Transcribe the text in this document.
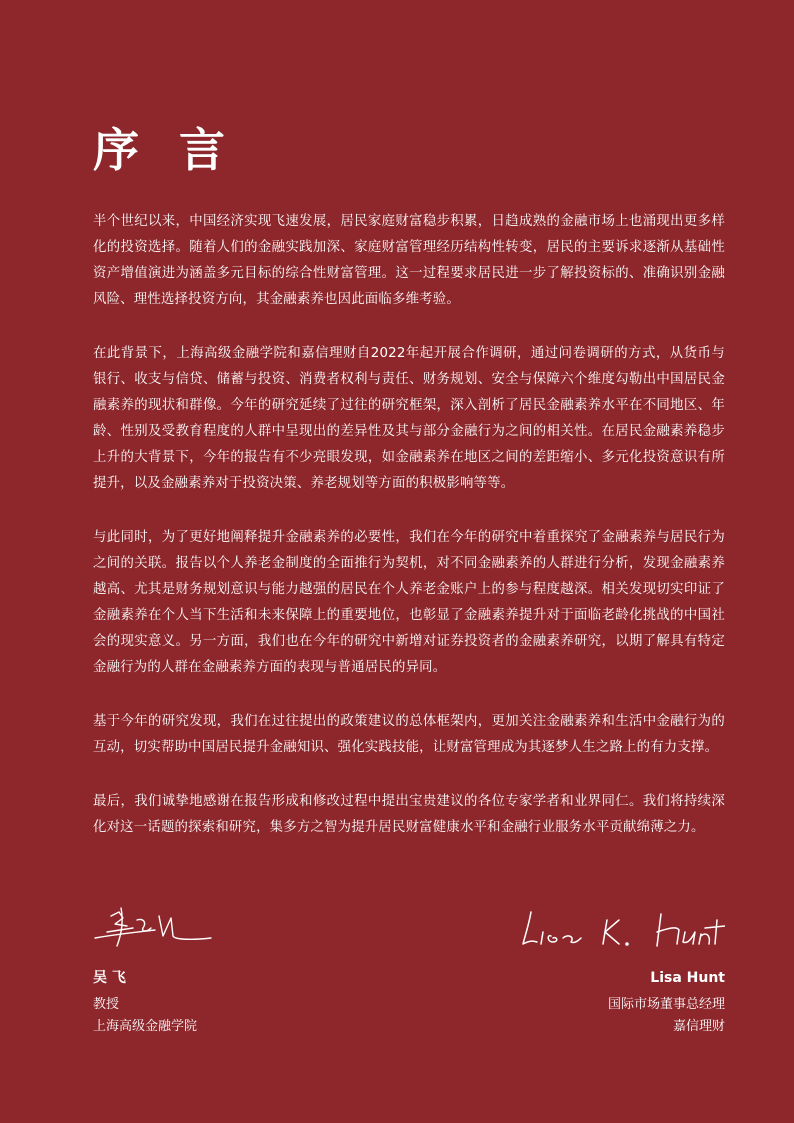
序 言

半个世纪以来，中国经济实现飞速发展，居民家庭财富稳步积累，日趋成熟的金融市场上也涌现出更多样化的投资选择。随着人们的金融实践加深、家庭财富管理经历结构性转变，居民的主要诉求逐渐从基础性资产增值演进为涵盖多元目标的综合性财富管理。这一过程要求居民进一步了解投资标的、准确识别金融风险、理性选择投资方向，其金融素养也因此面临多维考验。

在此背景下，上海高级金融学院和嘉信理财自2022年起开展合作调研，通过问卷调研的方式，从货币与银行、收支与信贷、储蓄与投资、消费者权利与责任、财务规划、安全与保障六个维度勾勒出中国居民金融素养的现状和群像。今年的研究延续了过往的研究框架，深入剖析了居民金融素养水平在不同地区、年龄、性别及受教育程度的人群中呈现出的差异性及其与部分金融行为之间的相关性。在居民金融素养稳步上升的大背景下，今年的报告有不少亮眼发现，如金融素养在地区之间的差距缩小、多元化投资意识有所提升，以及金融素养对于投资决策、养老规划等方面的积极影响等等。

与此同时，为了更好地阐释提升金融素养的必要性，我们在今年的研究中着重探究了金融素养与居民行为之间的关联。报告以个人养老金制度的全面推行为契机，对不同金融素养的人群进行分析，发现金融素养越高、尤其是财务规划意识与能力越强的居民在个人养老金账户上的参与程度越深。相关发现切实印证了金融素养在个人当下生活和未来保障上的重要地位，也彰显了金融素养提升对于面临老龄化挑战的中国社会的现实意义。另一方面，我们也在今年的研究中新增对证券投资者的金融素养研究，以期了解具有特定金融行为的人群在金融素养方面的表现与普通居民的异同。

基于今年的研究发现，我们在过往提出的政策建议的总体框架内，更加关注金融素养和生活中金融行为的互动，切实帮助中国居民提升金融知识、强化实践技能，让财富管理成为其逐梦人生之路上的有力支撑。

最后，我们诚挚地感谢在报告形成和修改过程中提出宝贵建议的各位专家学者和业界同仁。我们将持续深化对这一话题的探索和研究，集多方之智为提升居民财富健康水平和金融行业服务水平贡献绵薄之力。

吴 飞

教授

上海高级金融学院

Lisa Hunt

国际市场董事总经理

嘉信理财
